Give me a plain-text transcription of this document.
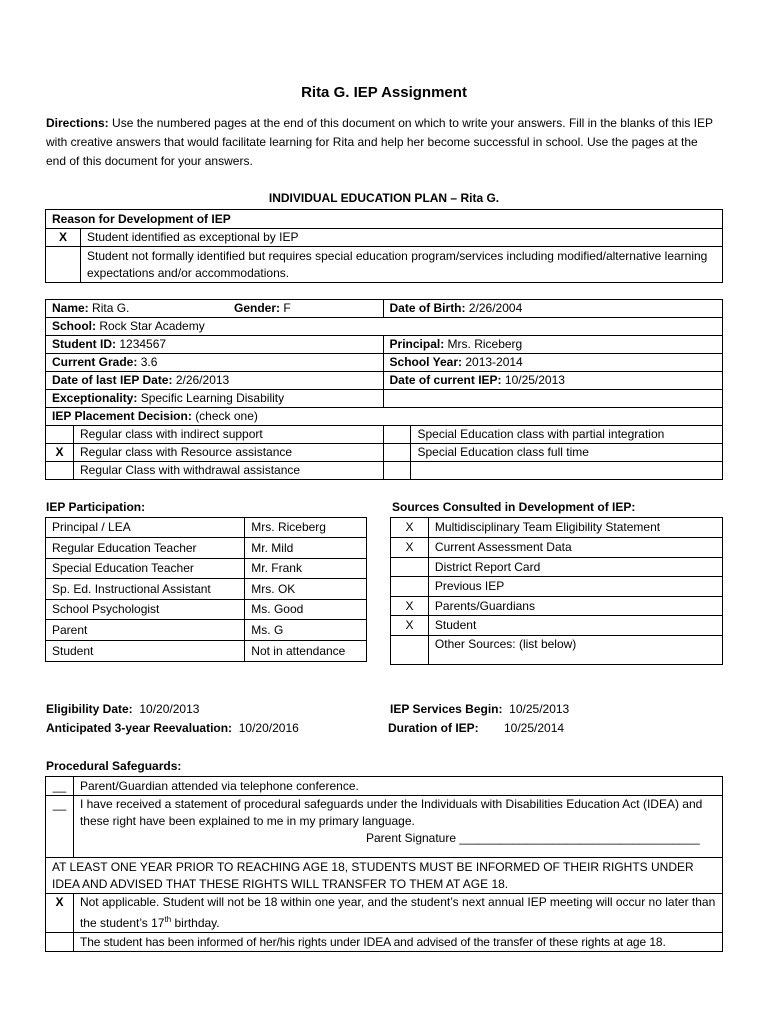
Rita G. IEP Assignment
Directions: Use the numbered pages at the end of this document on which to write your answers. Fill in the blanks of this IEP with creative answers that would facilitate learning for Rita and help her become successful in school. Use the pages at the end of this document for your answers.
INDIVIDUAL EDUCATION PLAN – Rita G.
Reason for Development of IEP	
X	Student identified as exceptional by IEP
	Student not formally identified but requires special education program/services including modified/alternative learning expectations and/or accommodations.
Name: Rita G. Gender: F		Date of Birth: 2/26/2004	
School: Rock Star Academy			
Student ID: 1234567		Principal: Mrs. Riceberg	
Current Grade: 3.6		School Year: 2013-2014	
Date of last IEP Date: 2/26/2013		Date of current IEP: 10/25/2013	
Exceptionality: Specific Learning Disability			
IEP Placement Decision: (check one)			
	Regular class with indirect support		Special Education class with partial integration
X	Regular class with Resource assistance		Special Education class full time
	Regular Class with withdrawal assistance		
IEP Participation:
Principal / LEA	Mrs. Riceberg
Regular Education Teacher	Mr. Mild
Special Education Teacher	Mr. Frank
Sp. Ed. Instructional Assistant	Mrs. OK
School Psychologist	Ms. Good
Parent	Ms. G
Student	Not in attendance
Sources Consulted in Development of IEP:
X	Multidisciplinary Team Eligibility Statement
X	Current Assessment Data
	District Report Card
	Previous IEP
X	Parents/Guardians
X	Student
	Other Sources: (list below)
Eligibility Date: 10/20/2013
Anticipated 3-year Reevaluation: 10/20/2016
IEP Services Begin: 10/25/2013
Duration of IEP: 10/25/2014
Procedural Safeguards:
__	Parent/Guardian attended via telephone conference.
__	I have received a statement of procedural safeguards under the Individuals with Disabilities Education Act (IDEA) and these right have been explained to me in my primary language.
Parent Signature ____________________________________

AT LEAST ONE YEAR PRIOR TO REACHING AGE 18, STUDENTS MUST BE INFORMED OF THEIR RIGHTS UNDER IDEA AND ADVISED THAT THESE RIGHTS WILL TRANSFER TO THEM AT AGE 18.	
X	Not applicable. Student will not be 18 within one year, and the student’s next annual IEP meeting will occur no later than the student’s 17th birthday.
	The student has been informed of her/his rights under IDEA and advised of the transfer of these rights at age 18.
